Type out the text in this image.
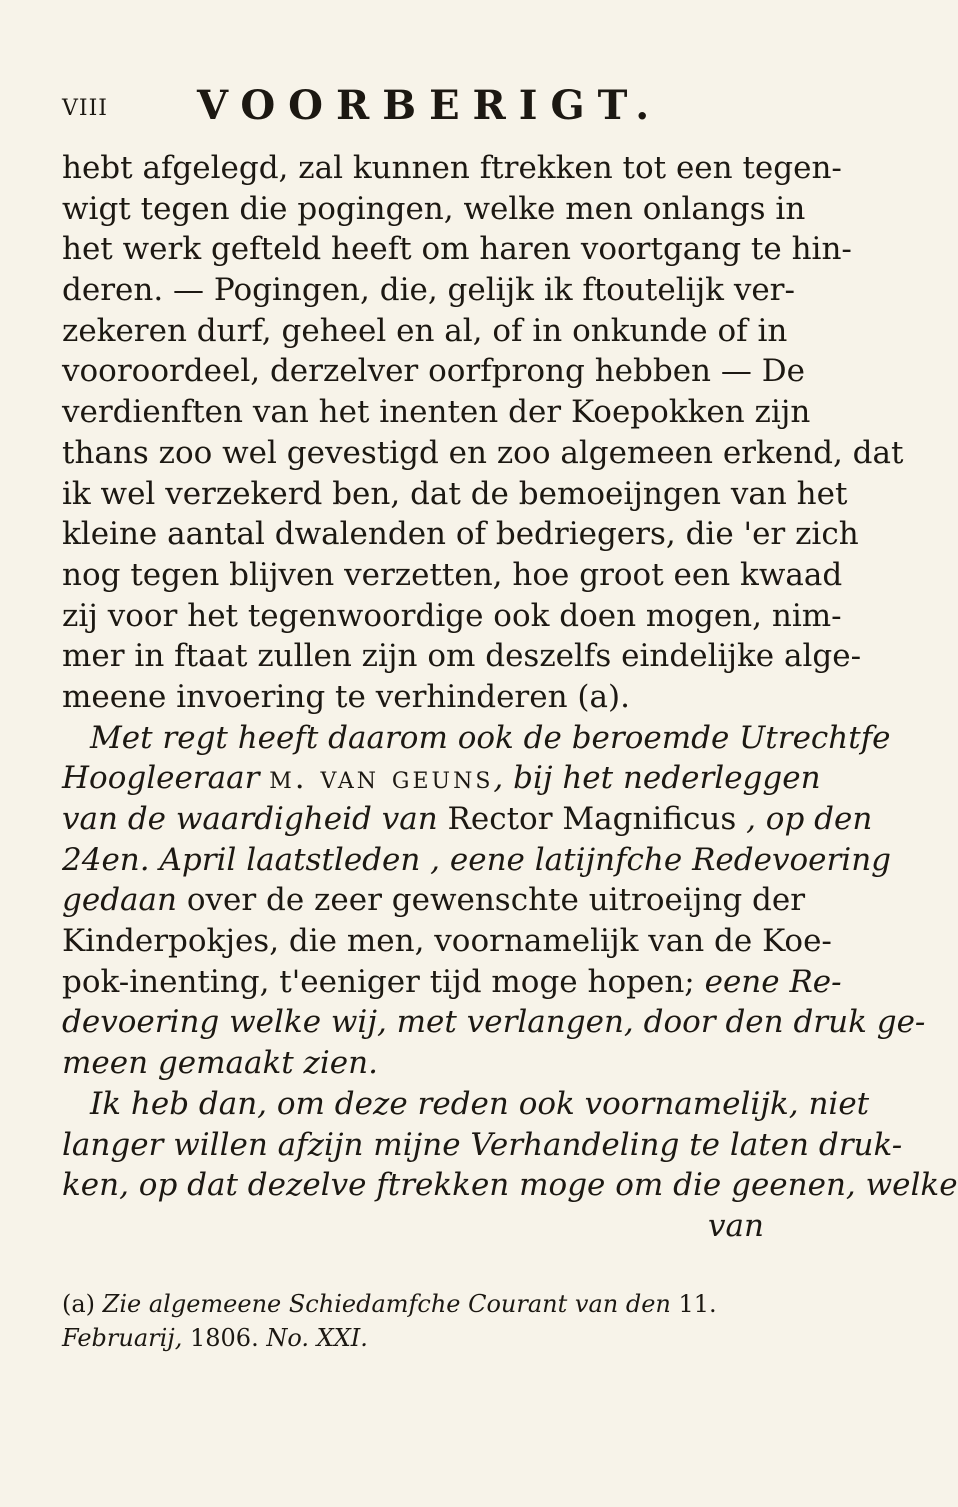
VIII VOORBERIGT.
hebt afgelegd, zal kunnen ftrekken tot een tegen-
wigt tegen die pogingen, welke men onlangs in
het werk gefteld heeft om haren voortgang te hin-
deren. — Pogingen, die, gelijk ik ftoutelijk ver-
zekeren durf, geheel en al, of in onkunde of in
vooroordeel, derzelver oorfprong hebben — De
verdienften van het inenten der Koepokken zijn
thans zoo wel gevestigd en zoo algemeen erkend, dat
ik wel verzekerd ben, dat de bemoeijngen van het
kleine aantal dwalenden of bedriegers, die 'er zich
nog tegen blijven verzetten, hoe groot een kwaad
zij voor het tegenwoordige ook doen mogen, nim-
mer in ftaat zullen zijn om deszelfs eindelijke alge-
meene invoering te verhinderen (a).
Met regt heeft daarom ook de beroemde Utrechtfe
Hoogleeraar m. van geuns, bij het nederleggen
van de waardigheid van Rector Magnificus , op den
24en. April laatstleden , eene latijnfche Redevoering
gedaan over de zeer gewenschte uitroeijng der
Kinderpokjes, die men, voornamelijk van de Koe-
pok-inenting, t'eeniger tijd moge hopen; eene Re-
devoering welke wij, met verlangen, door den druk ge-
meen gemaakt zien.
Ik heb dan, om deze reden ook voornamelijk, niet
langer willen afzijn mijne Verhandeling te laten druk-
ken, op dat dezelve ftrekken moge om die geenen, welke
van
(a) Zie algemeene Schiedamfche Courant van den 11.
Februarij, 1806. No. XXI.
